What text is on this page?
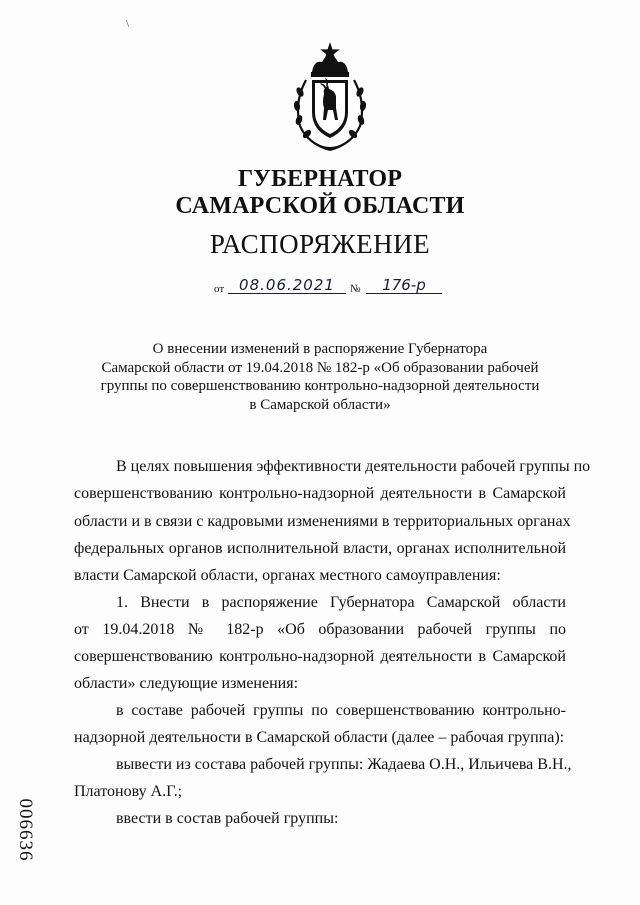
\
ГУБЕРНАТОР
САМАРСКОЙ ОБЛАСТИ
РАСПОРЯЖЕНИЕ
от 08.06.2021	№	176-р
О внесении изменений в распоряжение Губернатора
Самарской области от 19.04.2018 № 182-р «Об образовании рабочей
группы по совершенствованию контрольно-надзорной деятельности
в Самарской области»
В целях повышения эффективности деятельности рабочей группы по
совершенствованию контрольно-надзорной деятельности в Самарской
области и в связи с кадровыми изменениями в территориальных органах
федеральных органов исполнительной власти, органах исполнительной
власти Самарской области, органах местного самоуправления:
1. Внести в распоряжение Губернатора Самарской области
от 19.04.2018 № 182-р «Об образовании рабочей группы по
совершенствованию контрольно-надзорной деятельности в Самарской
области» следующие изменения:
в составе рабочей группы по совершенствованию контрольно-
надзорной деятельности в Самарской области (далее – рабочая группа):
вывести из состава рабочей группы: Жадаева О.Н., Ильичева В.Н.,
Платонову А.Г.;
ввести в состав рабочей группы:
006636
